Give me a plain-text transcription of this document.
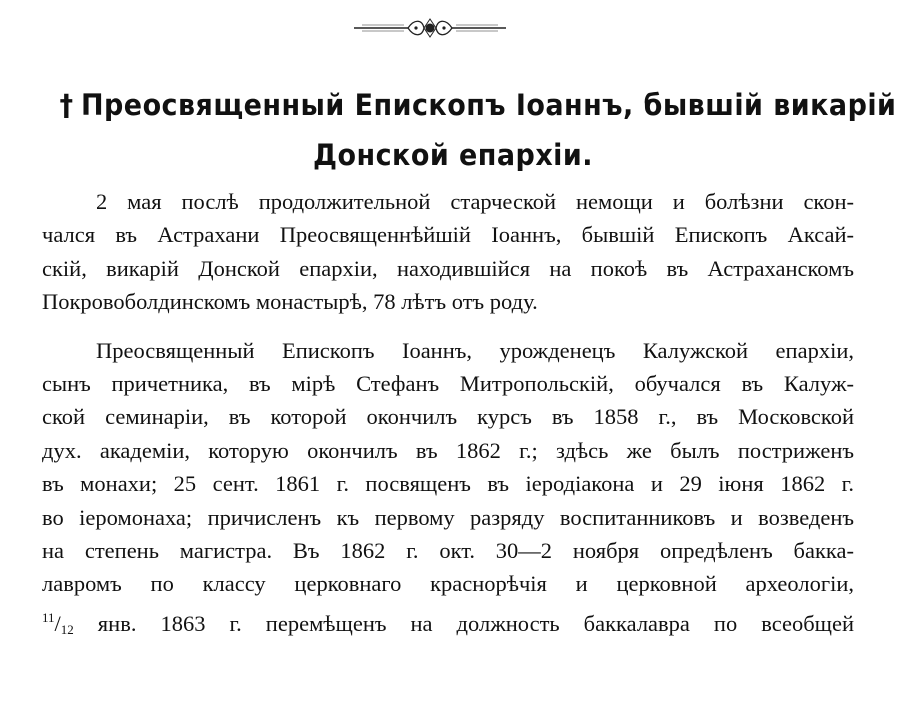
† Преосвященный Епископъ Іоаннъ, бывшій викарій
Донской епархіи.
2 мая послѣ продолжительной старческой немощи и болѣзни скон-
чался въ Астрахани Преосвященнѣйшій Іоаннъ, бывшій Епископъ Аксай-
скій, викарій Донской епархіи, находившійся на покоѣ въ Астраханскомъ
Покровоболдинскомъ монастырѣ, 78 лѣтъ отъ роду.
Преосвященный Епископъ Іоаннъ, урожденецъ Калужской епархіи,
сынъ причетника, въ мірѣ Стефанъ Митропольскій, обучался въ Калуж-
ской семинаріи, въ которой окончилъ курсъ въ 1858 г., въ Московской
дух. академіи, которую окончилъ въ 1862 г.; здѣсь же былъ постриженъ
въ монахи; 25 сент. 1861 г. посвященъ въ іеродіакона и 29 іюня 1862 г.
во іеромонаха; причисленъ къ первому разряду воспитанниковъ и возведенъ
на степень магистра. Въ 1862 г. окт. 30—2 ноября опредѣленъ бакка-
лавромъ по классу церковнаго краснорѣчія и церковной археологіи,
$^{11}$/12 янв. 1863 г. перемѣщенъ на должность баккалавра по всеобщей
